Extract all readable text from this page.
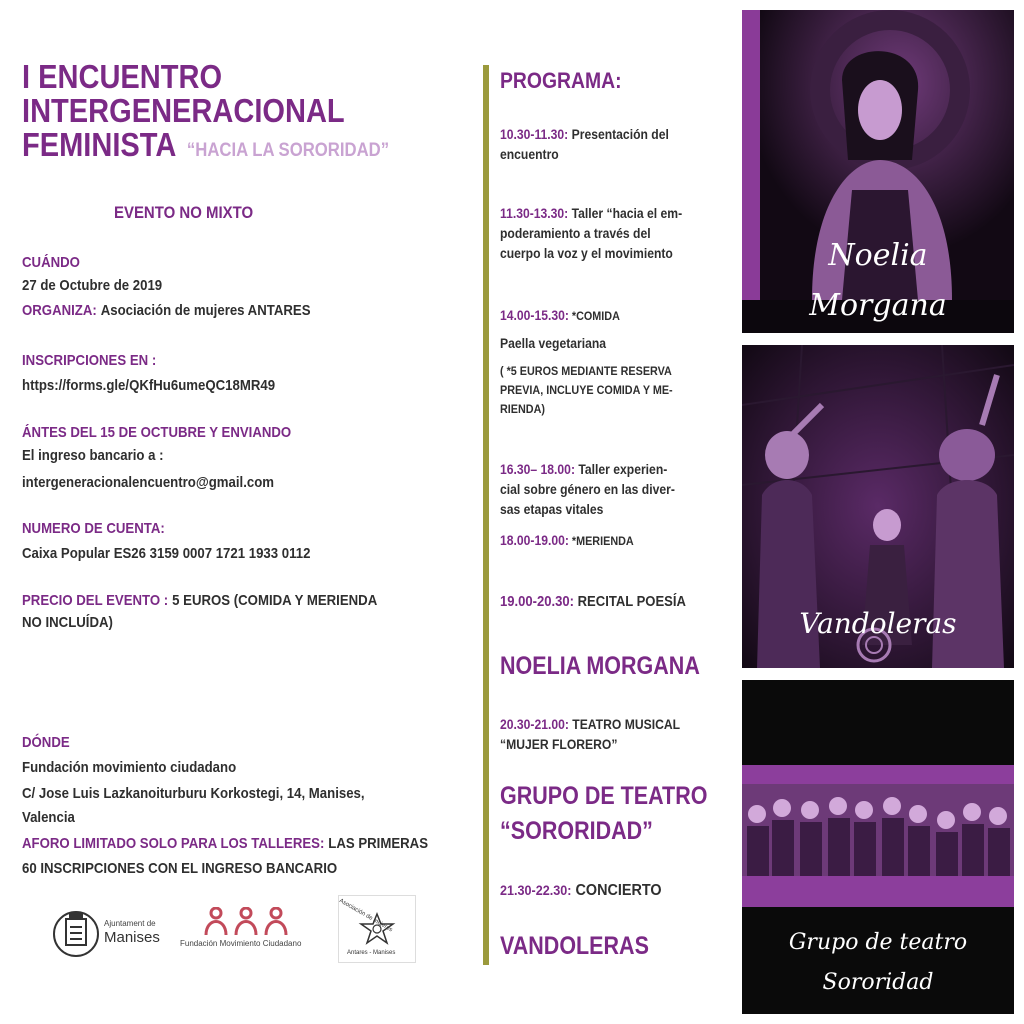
I ENCUENTRO
INTERGENERACIONAL
FEMINISTA “HACIA LA SORORIDAD”
EVENTO NO MIXTO
CUÁNDO
27 de Octubre de 2019
ORGANIZA: Asociación de mujeres ANTARES
INSCRIPCIONES EN :
https://forms.gle/QKfHu6umeQC18MR49
ÁNTES DEL 15 DE OCTUBRE Y ENVIANDO
El ingreso bancario a :
intergeneracionalencuentro@gmail.com
NUMERO DE CUENTA:
Caixa Popular ES26 3159 0007 1721 1933 0112
PRECIO DEL EVENTO : 5 EUROS (COMIDA Y MERIENDA
NO INCLUÍDA)
DÓNDE
Fundación movimiento ciudadano
C/ Jose Luis Lazkanoiturburu Korkostegi, 14, Manises,
Valencia
AFORO LIMITADO SOLO PARA LOS TALLERES: LAS PRIMERAS
60 INSCRIPCIONES CON EL INGRESO BANCARIO
Ajuntament de
Manises	Fundación Movimiento Ciudadano
Asociación de mujeres
Antares - Manises
PROGRAMA:
10.30-11.30: Presentación del
encuentro
11.30-13.30: Taller “hacia el em-
poderamiento a través del
cuerpo la voz y el movimiento
14.00-15.30: *COMIDA
Paella vegetariana
( *5 EUROS MEDIANTE RESERVA
PREVIA, INCLUYE COMIDA Y ME-
RIENDA)
16.30– 18.00: Taller experien-
cial sobre género en las diver-
sas etapas vitales
18.00-19.00: *MERIENDA
19.00-20.30: RECITAL POESÍA
NOELIA MORGANA
20.30-21.00: TEATRO MUSICAL
“MUJER FLORERO”
GRUPO DE TEATRO
“SORORIDAD”
21.30-22.30: CONCIERTO
VANDOLERAS
Noelia
Morgana
Vandoleras
Grupo de teatro
Sororidad
